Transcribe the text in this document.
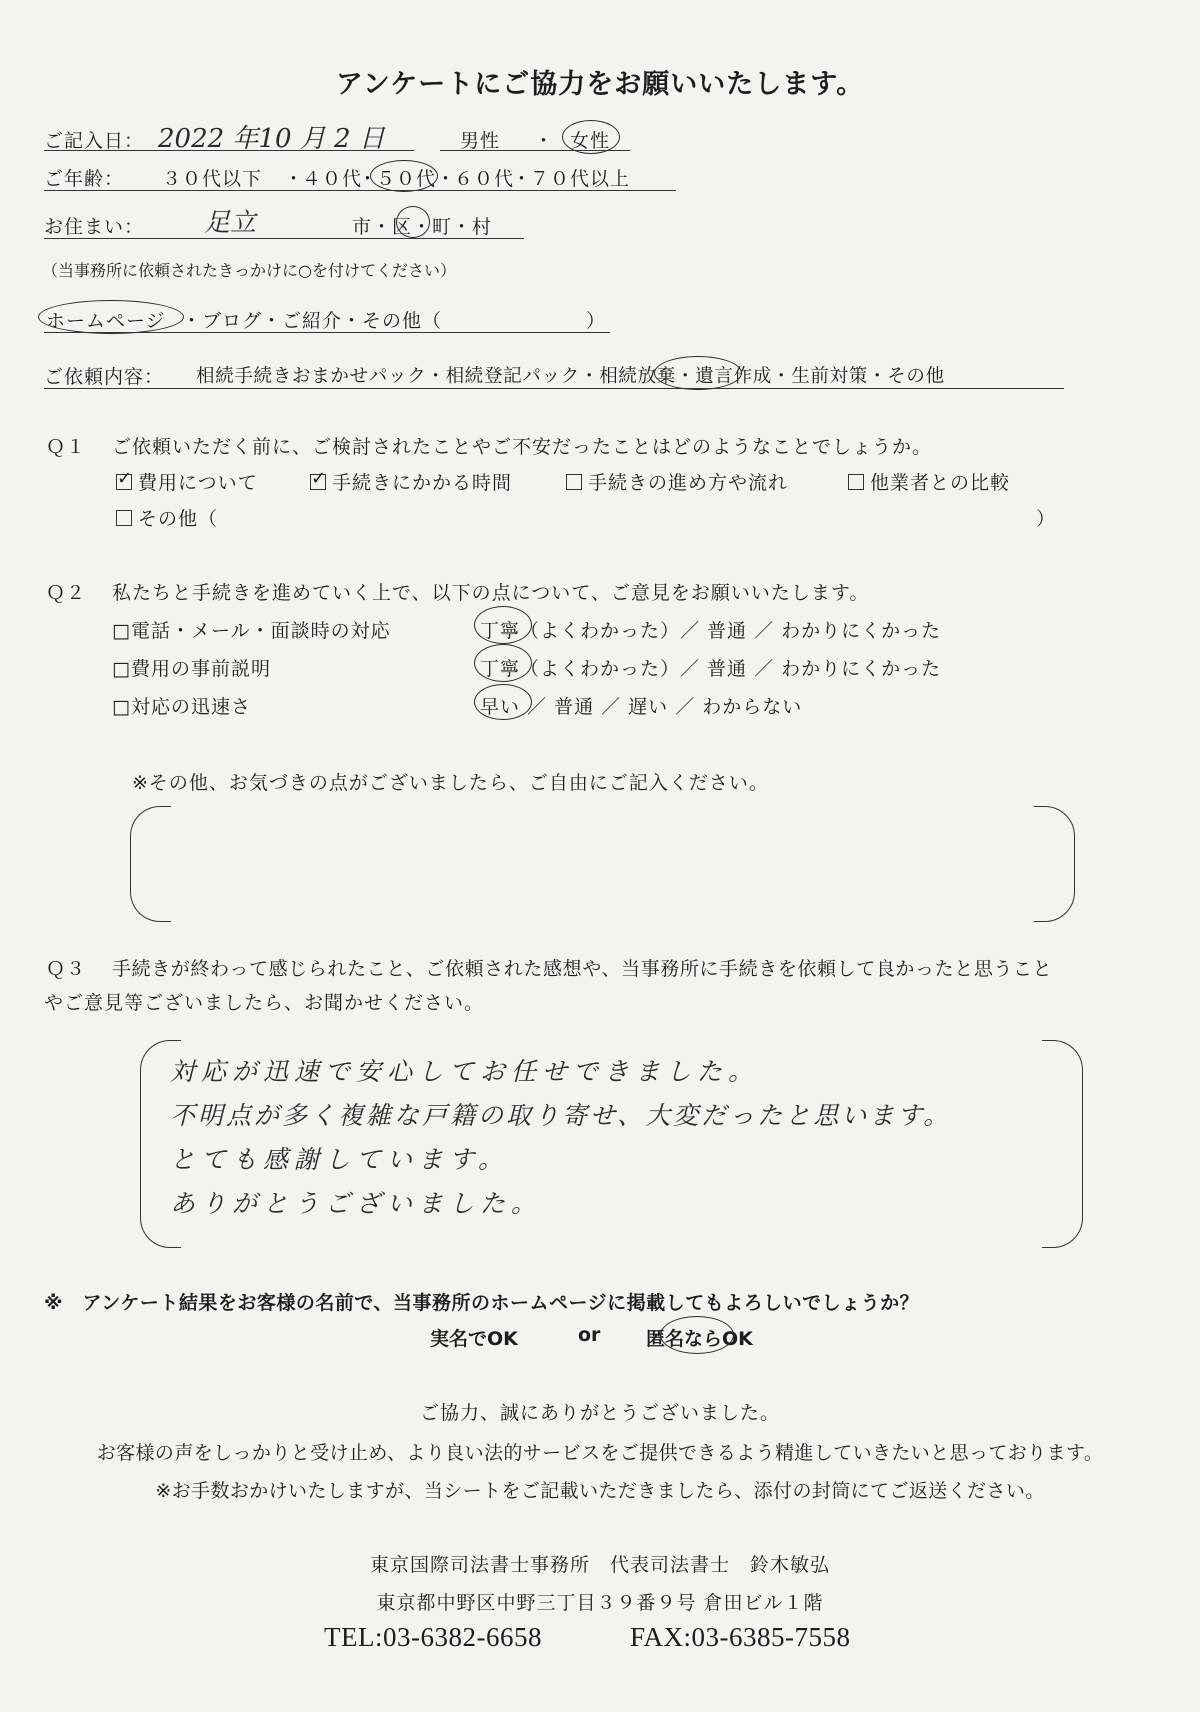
アンケートにご協力をお願いいたします。
ご記入日： 2022 年10 月 2 日	男性 ・ 女性
ご年齢： ３０代以下 ・
４０代
・
５０代 ・
６０代
・
７０代以上
お住まい： 足立	市・区・町・村
（当事務所に依頼されたきっかけに○を付けてください）
ホームページ ・ブログ・ご紹介・その他（	）
ご依頼内容： 相続手続きおまかせパック・相続登記パック・相続放棄・遺言作成・生前対策・その他
Ｑ１ ご依頼いただく前に、ご検討されたことやご不安だったことはどのようなことでしょうか。
✓費用について
✓	手続きにかかる時間	手続きの進め方や流れ	他業者との比較
その他（	）
Ｑ２ 私たちと手続きを進めていく上で、以下の点について、ご意見をお願いいたします。
□電話・メール・面談時の対応	丁寧（よくわかった）／ 普通 ／ わかりにくかった
□費用の事前説明	丁寧（よくわかった）／ 普通 ／ わかりにくかった
□対応の迅速さ	早い ／ 普通 ／ 遅い ／ わからない
※その他、お気づきの点がございましたら、ご自由にご記入ください。
Ｑ３ 手続きが終わって感じられたこと、ご依頼された感想や、当事務所に手続きを依頼して良かったと思うこと
やご意見等ございましたら、お聞かせください。
対応が迅速で安心してお任せできました。
不明点が多く複雑な戸籍の取り寄せ、大変だったと思います。
とても感謝しています。
ありがとうございました。
※　アンケート結果をお客様の名前で、当事務所のホームページに掲載してもよろしいでしょうか？
実名でOK	or 匿名ならOK
ご協力、誠にありがとうございました。
お客様の声をしっかりと受け止め、より良い法的サービスをご提供できるよう精進していきたいと思っております。
※お手数おかけいたしますが、当シートをご記載いただきましたら、添付の封筒にてご返送ください。
東京国際司法書士事務所　代表司法書士　鈴木敏弘
東京都中野区中野三丁目３９番９号 倉田ビル１階
TEL:03-6382-6658	FAX:03-6385-7558
